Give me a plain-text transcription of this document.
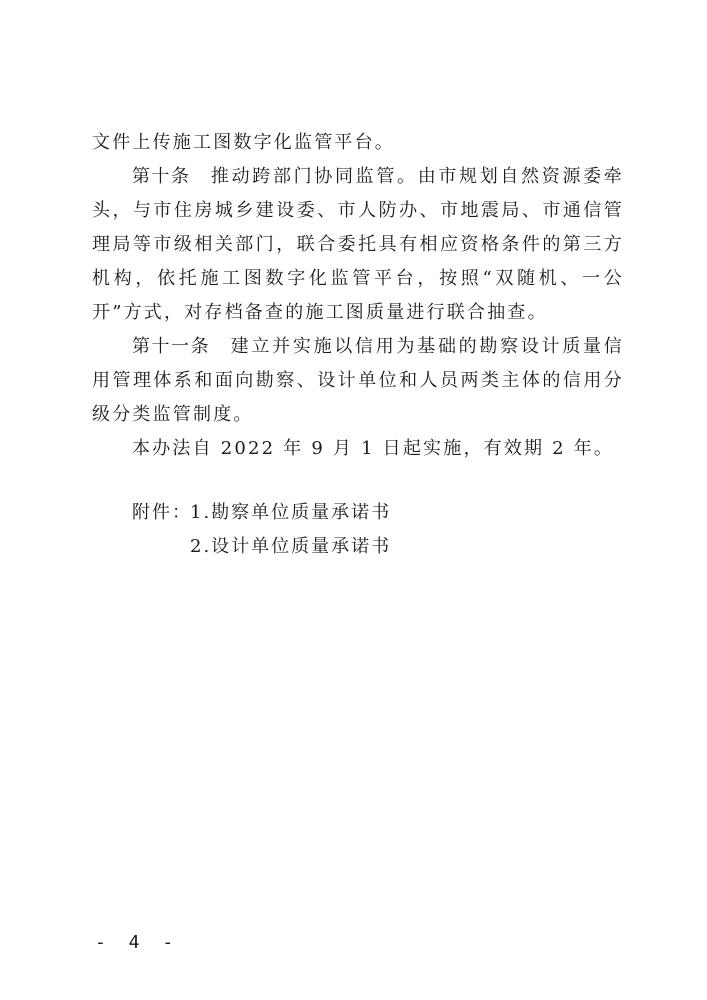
文件上传施工图数字化监管平台。

第十条 推动跨部门协同监管。由市规划自然资源委牵头，与市住房城乡建设委、市人防办、市地震局、市通信管理局等市级相关部门，联合委托具有相应资格条件的第三方机构，依托施工图数字化监管平台，按照“双随机、一公开”方式，对存档备查的施工图质量进行联合抽查。

第十一条 建立并实施以信用为基础的勘察设计质量信用管理体系和面向勘察、设计单位和人员两类主体的信用分级分类监管制度。

本办法自 2022 年 9 月 1 日起实施，有效期 2 年。

附件：1.勘察单位质量承诺书
2.设计单位质量承诺书
- 4 -
